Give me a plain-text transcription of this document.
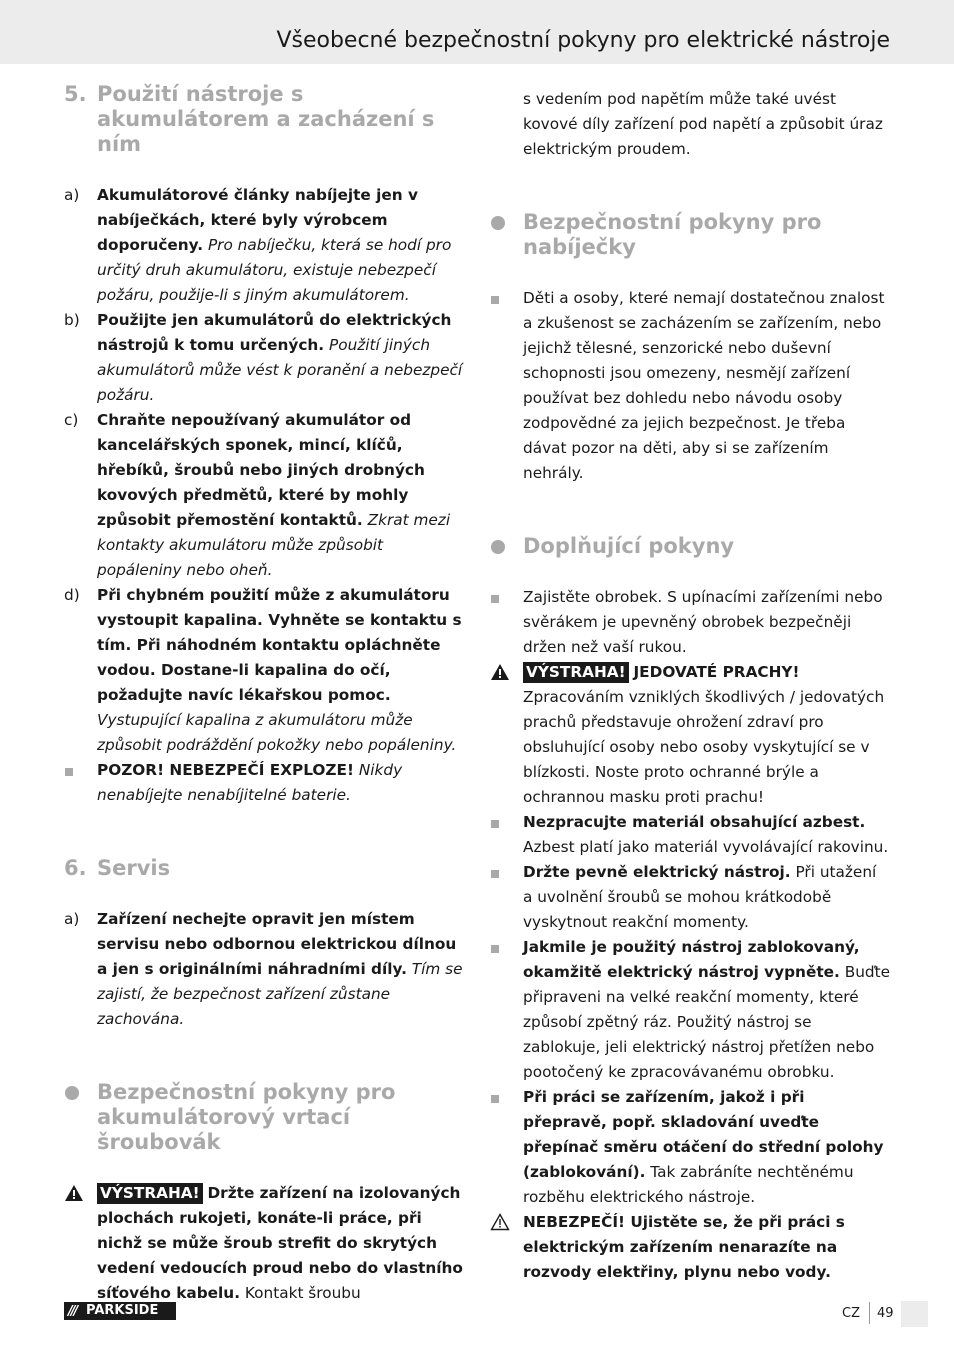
Všeobecné bezpečnostní pokyny pro elektrické nástroje
5. Použití nástroje s akumulátorem a zacházení s ním
a) Akumulátorové články nabíjejte jen v nabíječkách, které byly výrobcem doporučeny. Pro nabíječku, která se hodí pro určitý druh akumulátoru, existuje nebezpečí požáru, použije-li s jiným akumulátorem.
b) Použijte jen akumulátorů do elektrických nástrojů k tomu určených. Použití jiných akumulátorů může vést k poranění a nebezpečí požáru.
c) Chraňte nepoužívaný akumulátor od kancelářských sponek, mincí, klíčů, hřebíků, šroubů nebo jiných drobných kovových předmětů, které by mohly způsobit přemostění kontaktů. Zkrat mezi kontakty akumulátoru může způsobit popáleniny nebo oheň.
d) Při chybném použití může z akumulátoru vystoupit kapalina. Vyhněte se kontaktu s tím. Při náhodném kontaktu opláchněte vodou. Dostane-li kapalina do očí, požadujte navíc lékařskou pomoc. Vystupující kapalina z akumulátoru může způsobit podráždění pokožky nebo popáleniny.
POZOR! NEBEZPEČÍ EXPLOZE! Nikdy nenabíjejte nenabíjitelné baterie.
6. Servis
a) Zařízení nechejte opravit jen místem servisu nebo odbornou elektrickou dílnou a jen s originálními náhradními díly. Tím se zajistí, že bezpečnost zařízení zůstane zachována.
Bezpečnostní pokyny pro akumulátorový vrtací šroubovák
VÝSTRAHA! Držte zařízení na izolovaných plochách rukojeti, konáte-li práce, při nichž se může šroub strefit do skrytých vedení vedoucích proud nebo do vlastního síťového kabelu. Kontakt šroubu
s vedením pod napětím může také uvést kovové díly zařízení pod napětí a způsobit úraz elektrickým proudem.
Bezpečnostní pokyny pro nabíječky
Děti a osoby, které nemají dostatečnou znalost a zkušenost se zacházením se zařízením, nebo jejichž tělesné, senzorické nebo duševní schopnosti jsou omezeny, nesmějí zařízení používat bez dohledu nebo návodu osoby zodpovědné za jejich bezpečnost. Je třeba dávat pozor na děti, aby si se zařízením nehrály.
Doplňující pokyny
Zajistěte obrobek. S upínacími zařízeními nebo svěrákem je upevněný obrobek bezpečněji držen než vaší rukou.
VÝSTRAHA! JEDOVATÉ PRACHY! Zpracováním vzniklých škodlivých / jedovatých prachů představuje ohrožení zdraví pro obsluhující osoby nebo osoby vyskytující se v blízkosti. Noste proto ochranné brýle a ochrannou masku proti prachu!
Nezpracujte materiál obsahující azbest. Azbest platí jako materiál vyvolávající rakovinu.
Držte pevně elektrický nástroj. Při utažení a uvolnění šroubů se mohou krátkodobě vyskytnout reakční momenty.
Jakmile je použitý nástroj zablokovaný, okamžitě elektrický nástroj vypněte. Buďte připraveni na velké reakční momenty, které způsobí zpětný ráz. Použitý nástroj se zablokuje, jeli elektrický nástroj přetížen nebo pootočený ke zpracovávanému obrobku.
Při práci se zařízením, jakož i při přepravě, popř. skladování uveďte přepínač směru otáčení do střední polohy (zablokování). Tak zabráníte nechtěnému rozběhu elektrického nástroje.
NEBEZPEČÍ! Ujistěte se, že při práci s elektrickým zařízením nenarazíte na rozvody elektřiny, plynu nebo vody.
/// PARKSIDE	CZ 49
